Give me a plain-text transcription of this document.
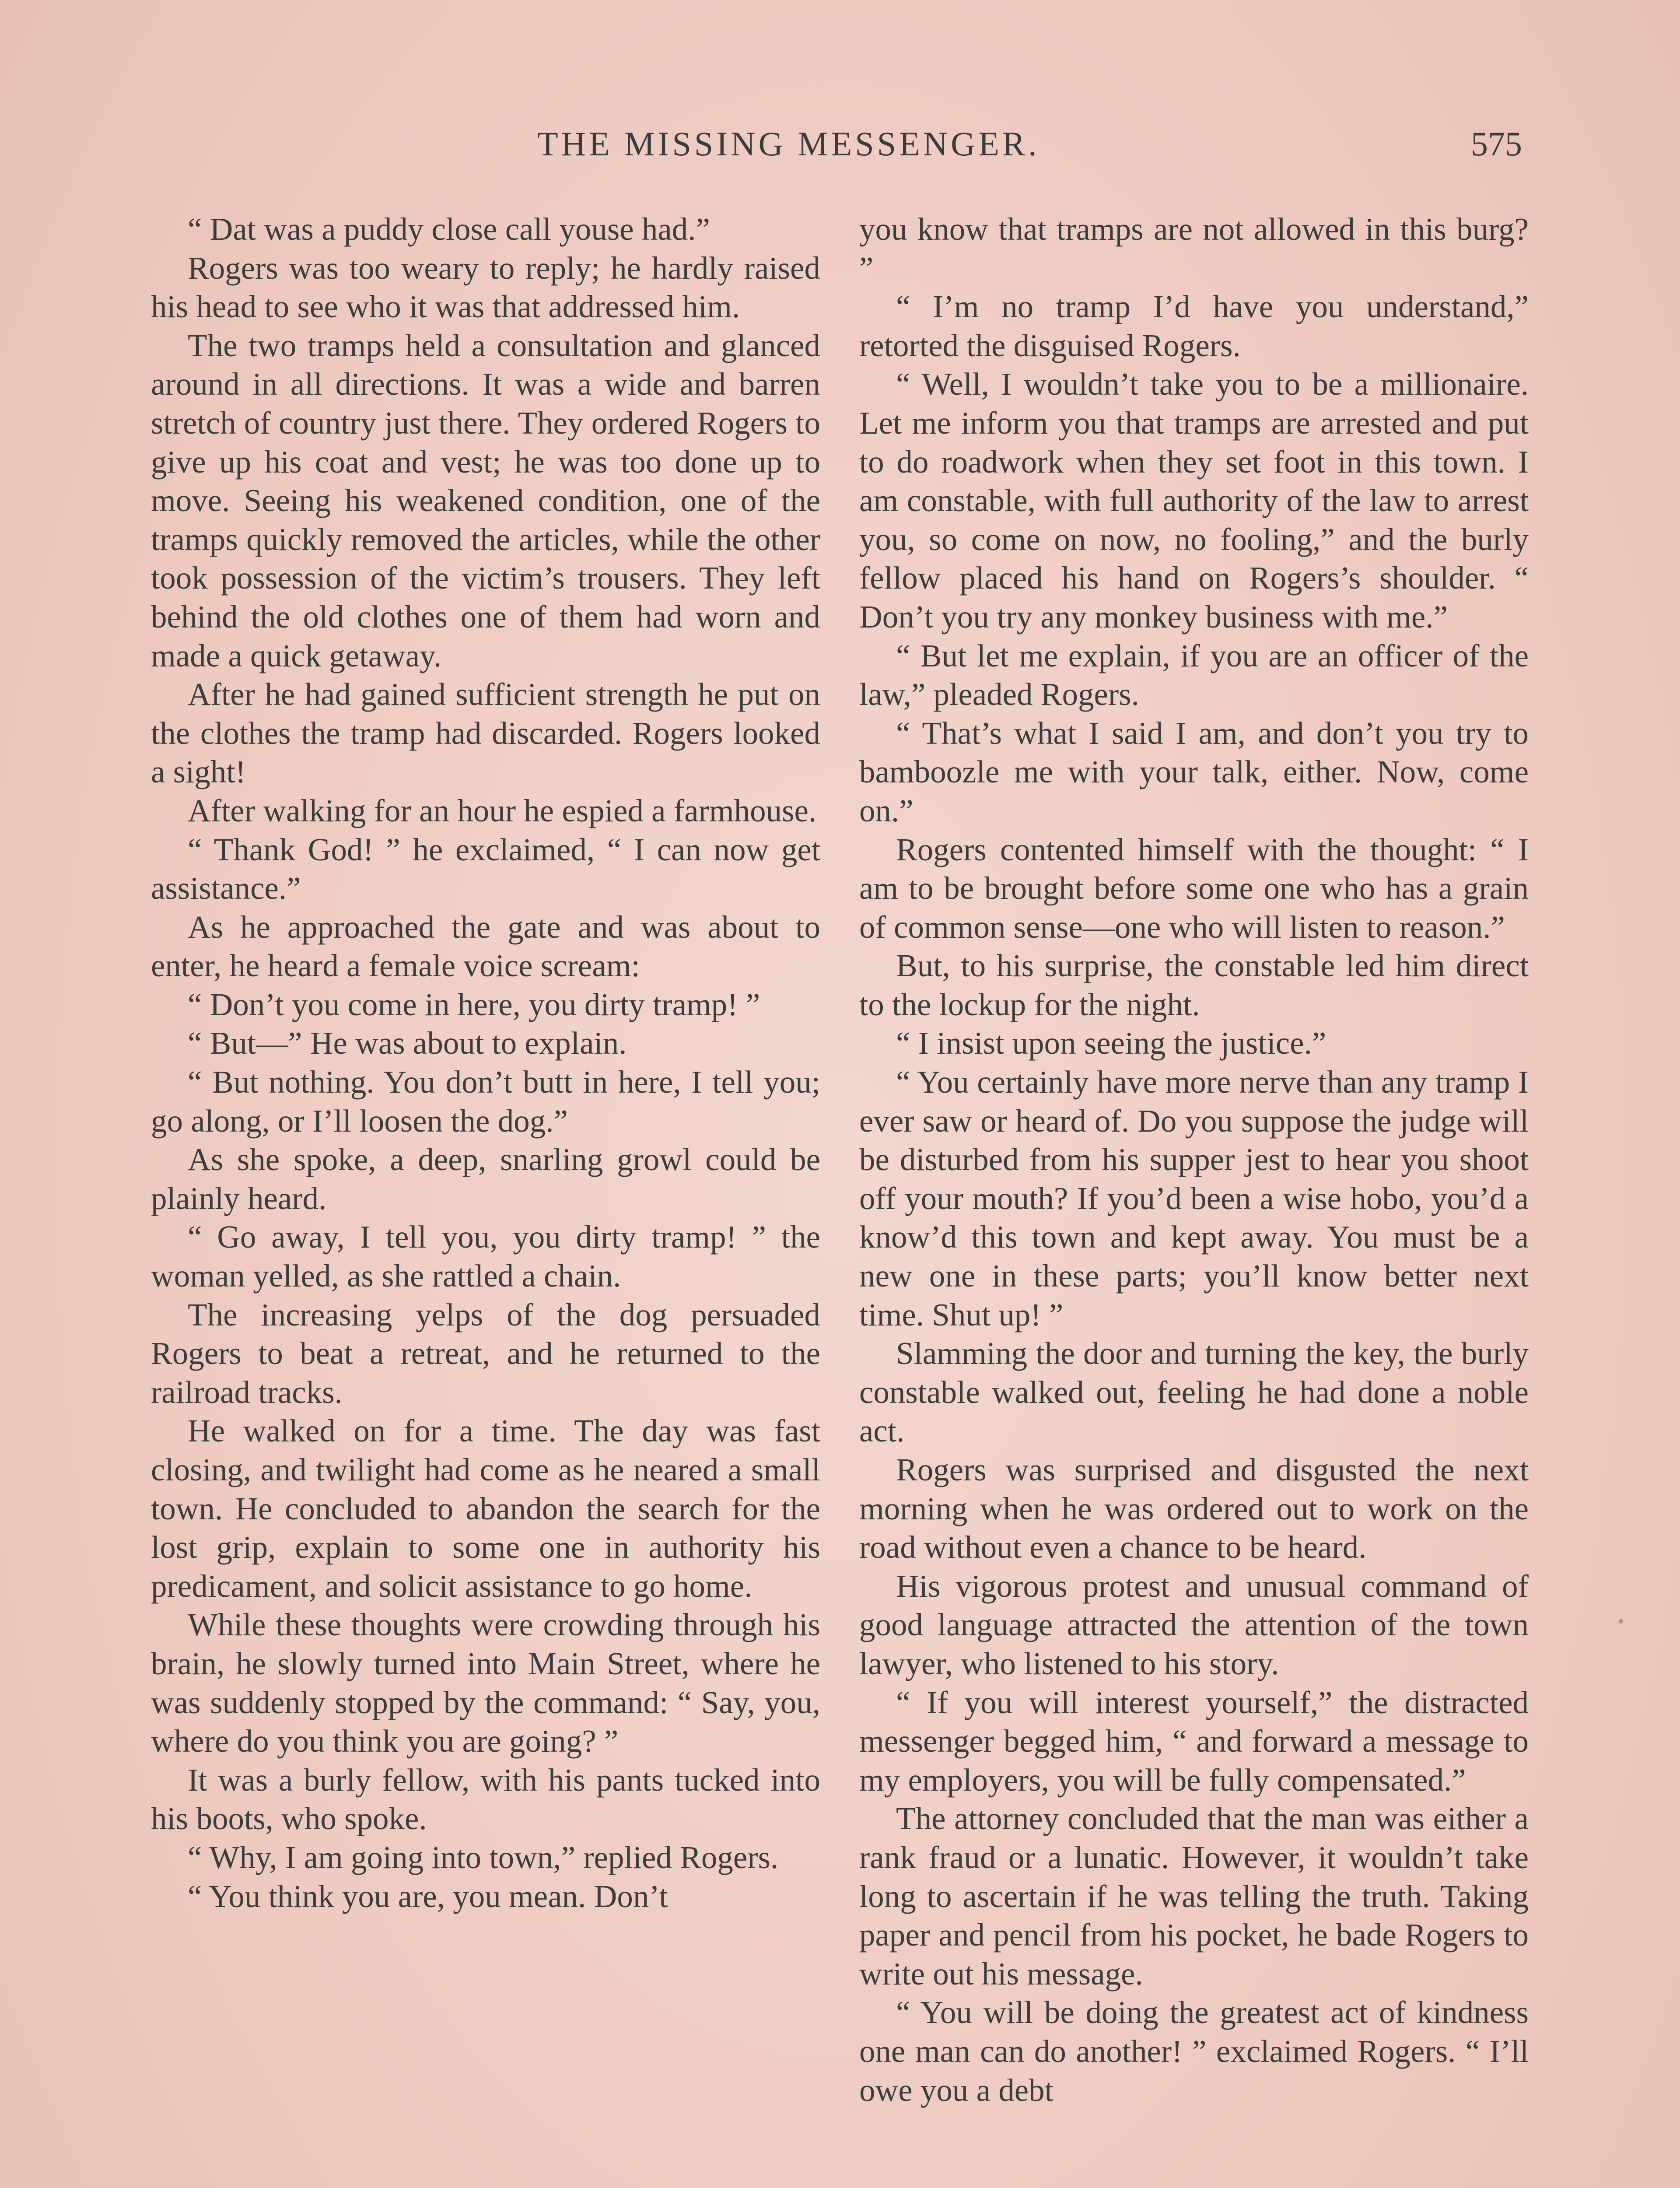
THE MISSING MESSENGER.	575

“ Dat was a puddy close call youse had.”

Rogers was too weary to reply; he hardly raised his head to see who it was that addressed him.

The two tramps held a consultation and glanced around in all directions. It was a wide and barren stretch of country just there. They ordered Rogers to give up his coat and vest; he was too done up to move. Seeing his weakened condition, one of the tramps quickly removed the articles, while the other took possession of the victim’s trousers. They left behind the old clothes one of them had worn and made a quick getaway.

After he had gained sufficient strength he put on the clothes the tramp had discarded. Rogers looked a sight!

After walking for an hour he espied a farmhouse.

“ Thank God! ” he exclaimed, “ I can now get assistance.”

As he approached the gate and was about to enter, he heard a female voice scream:

“ Don’t you come in here, you dirty tramp! ”

“ But—” He was about to explain.

“ But nothing. You don’t butt in here, I tell you; go along, or I’ll loosen the dog.”

As she spoke, a deep, snarling growl could be plainly heard.

“ Go away, I tell you, you dirty tramp! ” the woman yelled, as she rattled a chain.

The increasing yelps of the dog persuaded Rogers to beat a retreat, and he returned to the railroad tracks.

He walked on for a time. The day was fast closing, and twilight had come as he neared a small town. He concluded to abandon the search for the lost grip, explain to some one in authority his predicament, and solicit assistance to go home.

While these thoughts were crowding through his brain, he slowly turned into Main Street, where he was suddenly stopped by the command: “ Say, you, where do you think you are going? ”

It was a burly fellow, with his pants tucked into his boots, who spoke.

“ Why, I am going into town,” replied Rogers.

“ You think you are, you mean. Don’t

you know that tramps are not allowed in this burg? ”

“ I’m no tramp I’d have you understand,” retorted the disguised Rogers.

“ Well, I wouldn’t take you to be a millionaire. Let me inform you that tramps are arrested and put to do roadwork when they set foot in this town. I am constable, with full authority of the law to arrest you, so come on now, no fooling,” and the burly fellow placed his hand on Rogers’s shoulder. “ Don’t you try any monkey business with me.”

“ But let me explain, if you are an officer of the law,” pleaded Rogers.

“ That’s what I said I am, and don’t you try to bamboozle me with your talk, either. Now, come on.”

Rogers contented himself with the thought: “ I am to be brought before some one who has a grain of common sense—one who will listen to reason.”

But, to his surprise, the constable led him direct to the lockup for the night.

“ I insist upon seeing the justice.”

“ You certainly have more nerve than any tramp I ever saw or heard of. Do you suppose the judge will be disturbed from his supper jest to hear you shoot off your mouth? If you’d been a wise hobo, you’d a know’d this town and kept away. You must be a new one in these parts; you’ll know better next time. Shut up! ”

Slamming the door and turning the key, the burly constable walked out, feeling he had done a noble act.

Rogers was surprised and disgusted the next morning when he was ordered out to work on the road without even a chance to be heard.

His vigorous protest and unusual command of good language attracted the attention of the town lawyer, who listened to his story.

“ If you will interest yourself,” the distracted messenger begged him, “ and forward a message to my employers, you will be fully compensated.”

The attorney concluded that the man was either a rank fraud or a lunatic. However, it wouldn’t take long to ascertain if he was telling the truth. Taking paper and pencil from his pocket, he bade Rogers to write out his message.

“ You will be doing the greatest act of kindness one man can do another! ” exclaimed Rogers. “ I’ll owe you a debt
